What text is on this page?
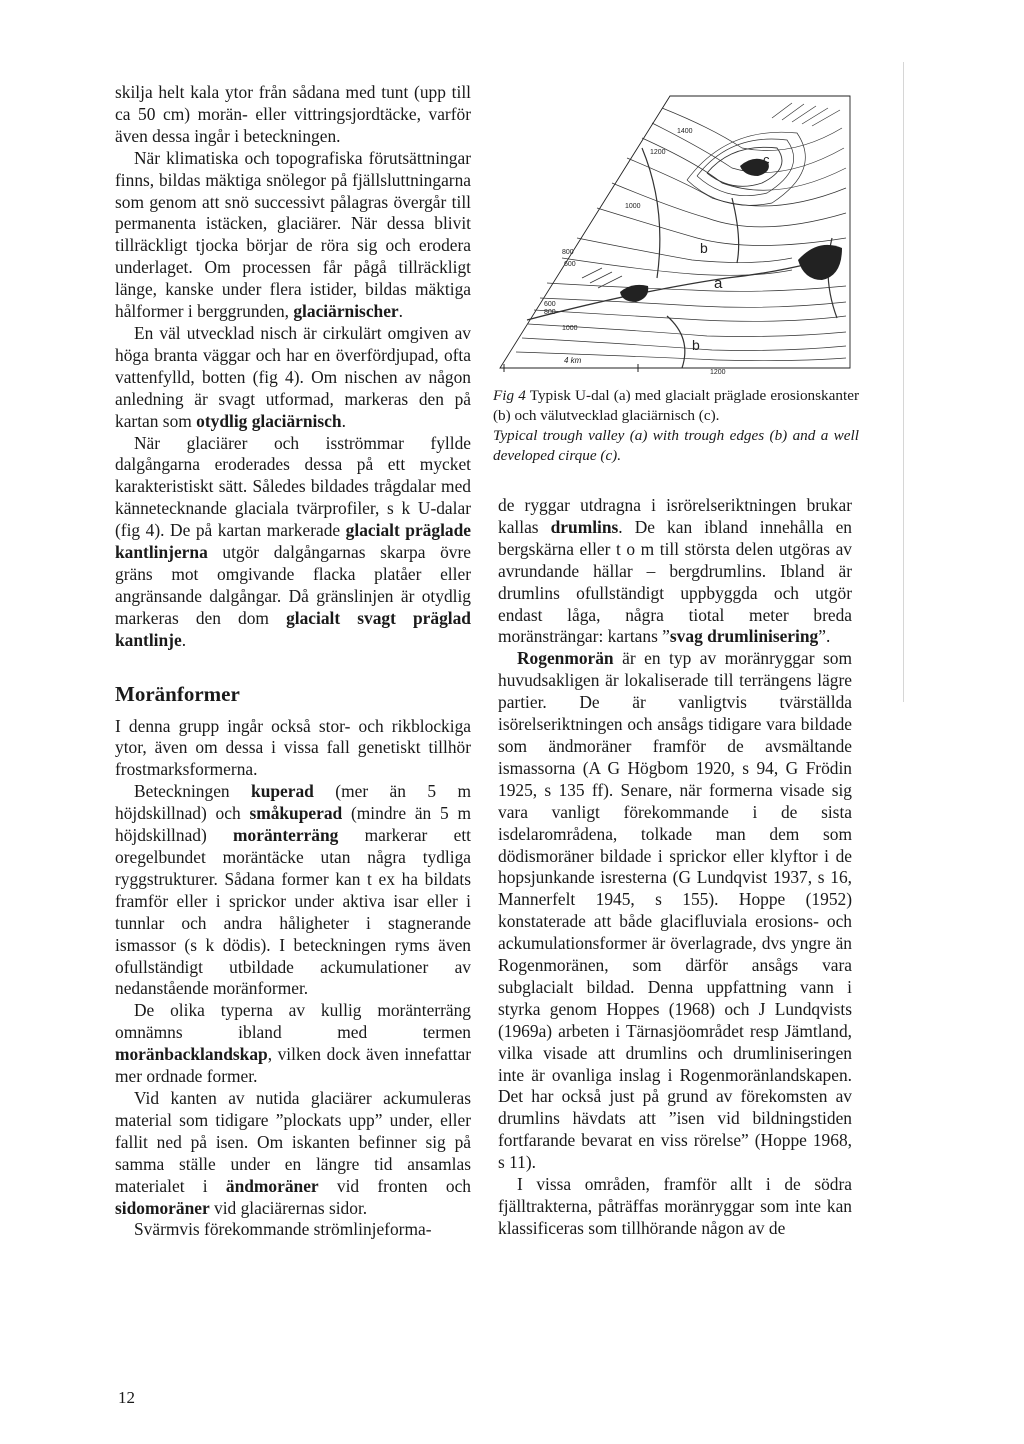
skilja helt kala ytor från sådana med tunt (upp till ca 50 cm) morän- eller vittringsjordtäcke, varför även dessa ingår i beteckningen.

När klimatiska och topografiska förutsättningar finns, bildas mäktiga snölegor på fjällsluttningarna som genom att snö successivt pålagras övergår till permanenta istäcken, glaciärer. När dessa blivit tillräckligt tjocka börjar de röra sig och erodera underlaget. Om processen får pågå tillräckligt länge, kanske under flera istider, bildas mäktiga hålformer i berggrunden, glaciärnischer.

En väl utvecklad nisch är cirkulärt omgiven av höga branta väggar och har en överfördjupad, ofta vattenfylld, botten (fig 4). Om nischen av någon anledning är svagt utformad, markeras den på kartan som otydlig glaciärnisch.

När glaciärer och isströmmar fyllde dalgångarna eroderades dessa på ett mycket karakteristiskt sätt. Således bildades trågdalar med kännetecknande glaciala tvärprofiler, s k U-dalar (fig 4). De på kartan markerade glacialt präglade kantlinjerna utgör dalgångarnas skarpa övre gräns mot omgivande flacka platåer eller angränsande dalgångar. Då gränslinjen är otydlig markeras den dom glacialt svagt präglad kantlinje.

Moränformer

I denna grupp ingår också stor- och rikblockiga ytor, även om dessa i vissa fall genetiskt tillhör frostmarksformerna.

Beteckningen kuperad (mer än 5 m höjdskillnad) och småkuperad (mindre än 5 m höjdskillnad) moränterräng markerar ett oregelbundet moräntäcke utan några tydliga ryggstrukturer. Sådana former kan t ex ha bildats framför eller i sprickor under aktiva isar eller i tunnlar och andra håligheter i stagnerande ismassor (s k dödis). I beteckningen ryms även ofullständigt utbildade ackumulationer av nedanstående moränformer.

De olika typerna av kullig moränterräng omnämns ibland med termen moränbacklandskap, vilken dock även innefattar mer ordnade former.

Vid kanten av nutida glaciärer ackumuleras material som tidigare ”plockats upp” under, eller fallit ned på isen. Om iskanten befinner sig på samma ställe under en längre tid ansamlas materialet i ändmoräner vid fronten och sidomoräner vid glaciärernas sidor.

Svärmvis förekommande strömlinjeforma-

a
b
b
c
4 km
1400
1200
1000
800
600
600
800
1000
1200

Fig 4 Typisk U-dal (a) med glacialt präglade erosionskanter (b) och välutvecklad glaciärnisch (c).

Typical trough valley (a) with trough edges (b) and a well developed cirque (c).

de ryggar utdragna i isrörelseriktningen brukar kallas drumlins. De kan ibland innehålla en bergskärna eller t o m till största delen utgöras av avrundande hällar – bergdrumlins. Ibland är drumlins ofullständigt uppbyggda och utgör endast låga, några tiotal meter breda moränsträngar: kartans ”svag drumlinisering”.

Rogenmorän är en typ av moränryggar som huvudsakligen är lokaliserade till terrängens lägre partier. De är vanligtvis tvärställda isörelseriktningen och ansågs tidigare vara bildade som ändmoräner framför de avsmältande ismassorna (A G Högbom 1920, s 94, G Frödin 1925, s 135 ff). Senare, när formerna visade sig vara vanligt förekommande i de sista isdelarområdena, tolkade man dem som dödismoräner bildade i sprickor eller klyftor i de hopsjunkande isresterna (G Lundqvist 1937, s 16, Mannerfelt 1945, s 155). Hoppe (1952) konstaterade att både glacifluviala erosions- och ackumulationsformer är överlagrade, dvs yngre än Rogenmoränen, som därför ansågs vara subglacialt bildad. Denna uppfattning vann i styrka genom Hoppes (1968) och J Lundqvists (1969a) arbeten i Tärnasjöområdet resp Jämtland, vilka visade att drumlins och drumliniseringen inte är ovanliga inslag i Rogenmoränlandskapen. Det har också just på grund av förekomsten av drumlins hävdats att ”isen vid bildningstiden fortfarande bevarat en viss rörelse” (Hoppe 1968, s 11).

I vissa områden, framför allt i de södra fjälltrakterna, påträffas moränryggar som inte kan klassificeras som tillhörande någon av de

12
